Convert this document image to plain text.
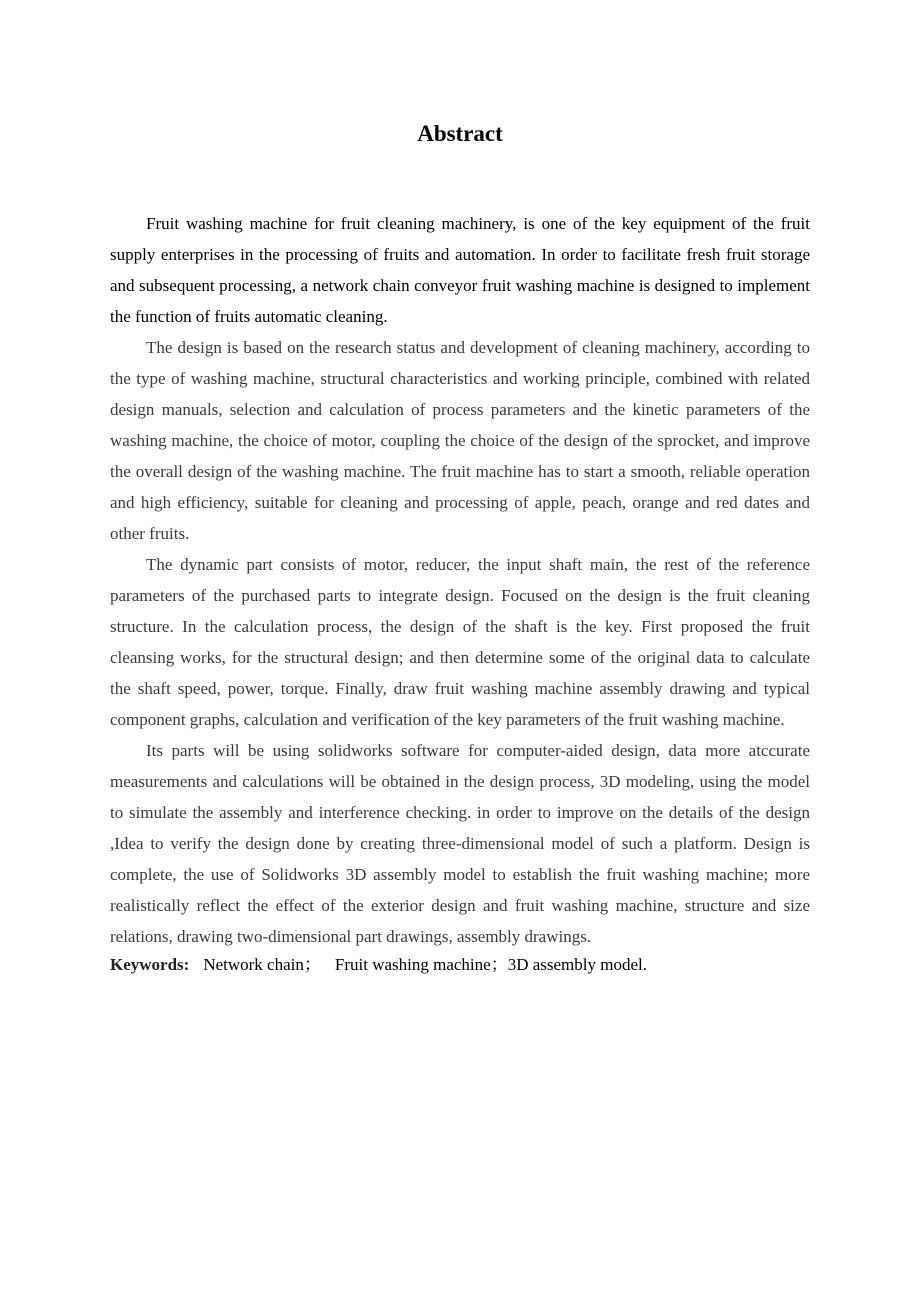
Abstract

Fruit washing machine for fruit cleaning machinery, is one of the key equipment of the fruit supply enterprises in the processing of fruits and automation. In order to facilitate fresh fruit storage and subsequent processing, a network chain conveyor fruit washing machine is designed to implement the function of fruits automatic cleaning.

The design is based on the research status and development of cleaning machinery, according to the type of washing machine, structural characteristics and working principle, combined with related design manuals, selection and calculation of process parameters and the kinetic parameters of the washing machine, the choice of motor, coupling the choice of the design of the sprocket, and improve the overall design of the washing machine. The fruit machine has to start a smooth, reliable operation and high efficiency, suitable for cleaning and processing of apple, peach, orange and red dates and other fruits.

The dynamic part consists of motor, reducer, the input shaft main, the rest of the reference parameters of the purchased parts to integrate design. Focused on the design is the fruit cleaning structure. In the calculation process, the design of the shaft is the key. First proposed the fruit cleansing works, for the structural design; and then determine some of the original data to calculate the shaft speed, power, torque. Finally, draw fruit washing machine assembly drawing and typical component graphs, calculation and verification of the key parameters of the fruit washing machine.

Its parts will be using solidworks software for computer-aided design, data more atccurate measurements and calculations will be obtained in the design process, 3D modeling, using the model to simulate the assembly and interference checking. in order to improve on the details of the design ,Idea to verify the design done by creating three-dimensional model of such a platform. Design is complete, the use of Solidworks 3D assembly model to establish the fruit washing machine; more realistically reflect the effect of the exterior design and fruit washing machine, structure and size relations, drawing two-dimensional part drawings, assembly drawings.

Keywords: Network chain； Fruit washing machine；3D assembly model.
